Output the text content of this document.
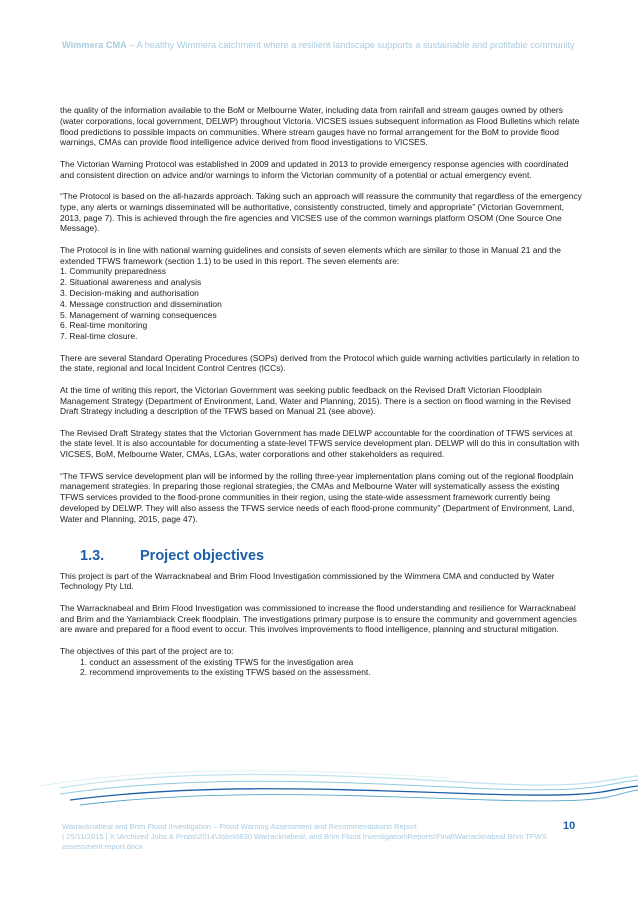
Wimmera CMA – A healthy Wimmera catchment where a resilient landscape supports a sustainable and profitable community

the quality of the information available to the BoM or Melbourne Water, including data from rainfall and stream gauges owned by others (water corporations, local government, DELWP) throughout Victoria. VICSES issues subsequent information as Flood Bulletins which relate flood predictions to possible impacts on communities. Where stream gauges have no formal arrangement for the BoM to provide flood warnings, CMAs can provide flood intelligence advice derived from flood investigations to VICSES.

The Victorian Warning Protocol was established in 2009 and updated in 2013 to provide emergency response agencies with coordinated and consistent direction on advice and/or warnings to inform the Victorian community of a potential or actual emergency event.

“The Protocol is based on the all-hazards approach. Taking such an approach will reassure the community that regardless of the emergency type, any alerts or warnings disseminated will be authoritative, consistently constructed, timely and appropriate” (Victorian Government, 2013, page 7). This is achieved through the fire agencies and VICSES use of the common warnings platform OSOM (One Source One Message).

The Protocol is in line with national warning guidelines and consists of seven elements which are similar to those in Manual 21 and the extended TFWS framework (section 1.1) to be used in this report. The seven elements are:

1. Community preparedness
2. Situational awareness and analysis
3. Decision-making and authorisation
4. Message construction and dissemination
5. Management of warning consequences
6. Real-time monitoring
7. Real-time closure.

There are several Standard Operating Procedures (SOPs) derived from the Protocol which guide warning activities particularly in relation to the state, regional and local Incident Control Centres (ICCs).

At the time of writing this report, the Victorian Government was seeking public feedback on the Revised Draft Victorian Floodplain Management Strategy (Department of Environment, Land, Water and Planning, 2015). There is a section on flood warning in the Revised Draft Strategy including a description of the TFWS based on Manual 21 (see above).

The Revised Draft Strategy states that the Victorian Government has made DELWP accountable for the coordination of TFWS services at the state level. It is also accountable for documenting a state-level TFWS service development plan. DELWP will do this in consultation with VICSES, BoM, Melbourne Water, CMAs, LGAs, water corporations and other stakeholders as required.

“The TFWS service development plan will be informed by the rolling three-year implementation plans coming out of the regional floodplain management strategies. In preparing those regional strategies, the CMAs and Melbourne Water will systematically assess the existing TFWS services provided to the flood-prone communities in their region, using the state-wide assessment framework currently being developed by DELWP. They will also assess the TFWS service needs of each flood-prone community” (Department of Environment, Land, Water and Planning, 2015, page 47).

1.3.	Project objectives

This project is part of the Warracknabeal and Brim Flood Investigation commissioned by the Wimmera CMA and conducted by Water Technology Pty Ltd.

The Warracknabeal and Brim Flood Investigation was commissioned to increase the flood understanding and resilience for Warracknabeal and Brim and the Yarriambiack Creek floodplain. The investigations primary purpose is to ensure the community and government agencies are aware and prepared for a flood event to occur. This involves improvements to flood intelligence, planning and structural mitigation.

The objectives of this part of the project are to:

1. conduct an assessment of the existing TFWS for the investigation area
2. recommend improvements to the existing TFWS based on the assessment.
Warracknabeal and Brim Flood Investigation – Flood Warning Assessment and Recommendations Report
| 25/11/2015 | X:\Archived Jobs & Props\2014\Jobs\0630 Warracknabeal, and Brim Flood Investigation\Reports\Final\Warracknabeal Brim TFWS assessment report.docx
10
